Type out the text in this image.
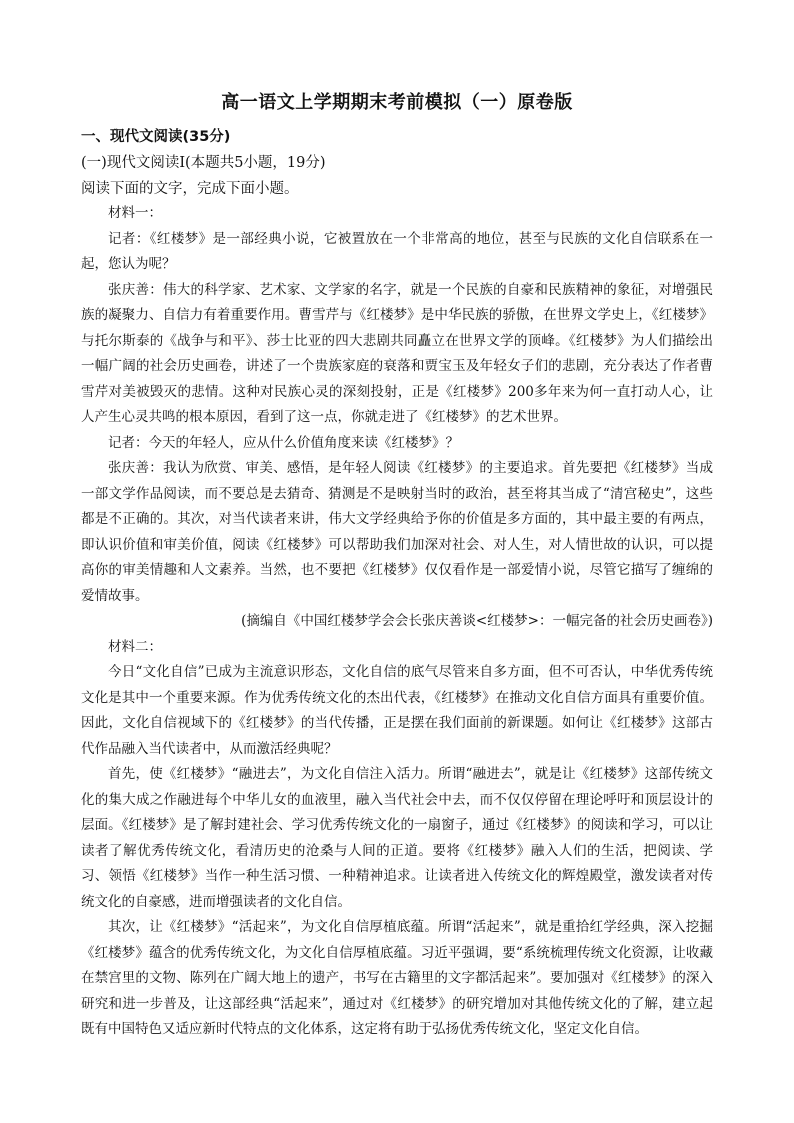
高一语文上学期期末考前模拟（一）原卷版
一、现代文阅读(35分)
(一)现代文阅读Ⅰ(本题共5小题，19分)
阅读下面的文字，完成下面小题。

材料一：

记者：《红楼梦》是一部经典小说，它被置放在一个非常高的地位，甚至与民族的文化自信联系在一起，您认为呢？

张庆善：伟大的科学家、艺术家、文学家的名字，就是一个民族的自豪和民族精神的象征，对增强民族的凝聚力、自信力有着重要作用。曹雪芹与《红楼梦》是中华民族的骄傲，在世界文学史上，《红楼梦》与托尔斯泰的《战争与和平》、莎士比亚的四大悲剧共同矗立在世界文学的顶峰。《红楼梦》为人们描绘出一幅广阔的社会历史画卷，讲述了一个贵族家庭的衰落和贾宝玉及年轻女子们的悲剧，充分表达了作者曹雪芹对美被毁灭的悲情。这种对民族心灵的深刻投射，正是《红楼梦》200多年来为何一直打动人心，让人产生心灵共鸣的根本原因，看到了这一点，你就走进了《红楼梦》的艺术世界。

记者：今天的年轻人，应从什么价值角度来读《红楼梦》？

张庆善：我认为欣赏、审美、感悟，是年轻人阅读《红楼梦》的主要追求。首先要把《红楼梦》当成一部文学作品阅读，而不要总是去猜奇、猜测是不是映射当时的政治，甚至将其当成了“清宫秘史”，这些都是不正确的。其次，对当代读者来讲，伟大文学经典给予你的价值是多方面的，其中最主要的有两点，即认识价值和审美价值，阅读《红楼梦》可以帮助我们加深对社会、对人生，对人情世故的认识，可以提高你的审美情趣和人文素养。当然，也不要把《红楼梦》仅仅看作是一部爱情小说，尽管它描写了缠绵的爱情故事。

(摘编自《中国红楼梦学会会长张庆善谈<红楼梦>：一幅完备的社会历史画卷》)

材料二：

今日“文化自信”已成为主流意识形态，文化自信的底气尽管来自多方面，但不可否认，中华优秀传统文化是其中一个重要来源。作为优秀传统文化的杰出代表，《红楼梦》在推动文化自信方面具有重要价值。因此，文化自信视域下的《红楼梦》的当代传播，正是摆在我们面前的新课题。如何让《红楼梦》这部古代作品融入当代读者中，从而激活经典呢？

首先，使《红楼梦》“融进去”，为文化自信注入活力。所谓“融进去”，就是让《红楼梦》这部传统文化的集大成之作融进每个中华儿女的血液里，融入当代社会中去，而不仅仅停留在理论呼吁和顶层设计的层面。《红楼梦》是了解封建社会、学习优秀传统文化的一扇窗子，通过《红楼梦》的阅读和学习，可以让读者了解优秀传统文化，看清历史的沧桑与人间的正道。要将《红楼梦》融入人们的生活，把阅读、学习、领悟《红楼梦》当作一种生活习惯、一种精神追求。让读者进入传统文化的辉煌殿堂，激发读者对传统文化的自豪感，进而增强读者的文化自信。

其次，让《红楼梦》“活起来”，为文化自信厚植底蕴。所谓“活起来”，就是重拾红学经典，深入挖掘《红楼梦》蕴含的优秀传统文化，为文化自信厚植底蕴。习近平强调，要“系统梳理传统文化资源，让收藏在禁宫里的文物、陈列在广阔大地上的遗产，书写在古籍里的文字都活起来”。要加强对《红楼梦》的深入研究和进一步普及，让这部经典“活起来”，通过对《红楼梦》的研究增加对其他传统文化的了解，建立起既有中国特色又适应新时代特点的文化体系，这定将有助于弘扬优秀传统文化，坚定文化自信。
